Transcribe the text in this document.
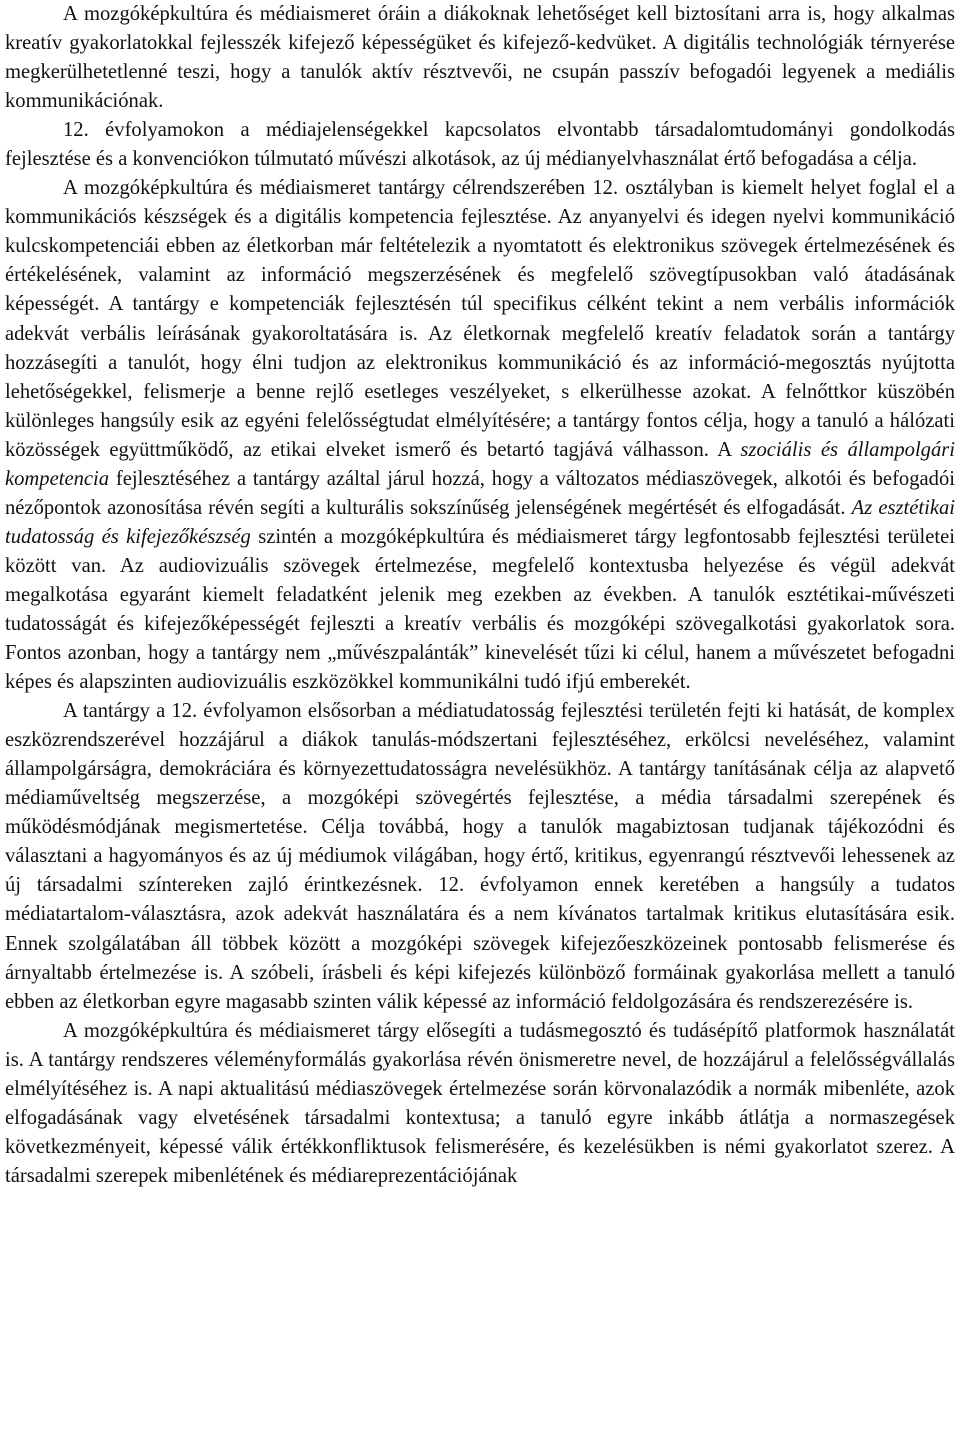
A mozgóképkultúra és médiaismeret óráin a diákoknak lehetőséget kell biztosítani arra is, hogy alkalmas kreatív gyakorlatokkal fejlesszék kifejező képességüket és kifejező-kedvüket. A digitális technológiák térnyerése megkerülhetetlenné teszi, hogy a tanulók aktív résztvevői, ne csupán passzív befogadói legyenek a mediális kommunikációnak.

12. évfolyamokon a médiajelenségekkel kapcsolatos elvontabb társadalomtudományi gondolkodás fejlesztése és a konvenciókon túlmutató művészi alkotások, az új médianyelvhasználat értő befogadása a célja.

A mozgóképkultúra és médiaismeret tantárgy célrendszerében 12. osztályban is kiemelt helyet foglal el a kommunikációs készségek és a digitális kompetencia fejlesztése. Az anyanyelvi és idegen nyelvi kommunikáció kulcskompetenciái ebben az életkorban már feltételezik a nyomtatott és elektronikus szövegek értelmezésének és értékelésének, valamint az információ megszerzésének és megfelelő szövegtípusokban való átadásának képességét. A tantárgy e kompetenciák fejlesztésén túl specifikus célként tekint a nem verbális információk adekvát verbális leírásának gyakoroltatására is. Az életkornak megfelelő kreatív feladatok során a tantárgy hozzásegíti a tanulót, hogy élni tudjon az elektronikus kommunikáció és az információ-megosztás nyújtotta lehetőségekkel, felismerje a benne rejlő esetleges veszélyeket, s elkerülhesse azokat. A felnőttkor küszöbén különleges hangsúly esik az egyéni felelősségtudat elmélyítésére; a tantárgy fontos célja, hogy a tanuló a hálózati közösségek együttműködő, az etikai elveket ismerő és betartó tagjává válhasson. A szociális és állampolgári kompetencia fejlesztéséhez a tantárgy azáltal járul hozzá, hogy a változatos médiaszövegek, alkotói és befogadói nézőpontok azonosítása révén segíti a kulturális sokszínűség jelenségének megértését és elfogadását. Az esztétikai tudatosság és kifejezőkészség szintén a mozgóképkultúra és médiaismeret tárgy legfontosabb fejlesztési területei között van. Az audiovizuális szövegek értelmezése, megfelelő kontextusba helyezése és végül adekvát megalkotása egyaránt kiemelt feladatként jelenik meg ezekben az években. A tanulók esztétikai-művészeti tudatosságát és kifejezőképességét fejleszti a kreatív verbális és mozgóképi szövegalkotási gyakorlatok sora. Fontos azonban, hogy a tantárgy nem „művészpalánták” kinevelését tűzi ki célul, hanem a művészetet befogadni képes és alapszinten audiovizuális eszközökkel kommunikálni tudó ifjú emberekét.

A tantárgy a 12. évfolyamon elsősorban a médiatudatosság fejlesztési területén fejti ki hatását, de komplex eszközrendszerével hozzájárul a diákok tanulás-módszertani fejlesztéséhez, erkölcsi neveléséhez, valamint állampolgárságra, demokráciára és környezettudatosságra nevelésükhöz. A tantárgy tanításának célja az alapvető médiaműveltség megszerzése, a mozgóképi szövegértés fejlesztése, a média társadalmi szerepének és működésmódjának megismertetése. Célja továbbá, hogy a tanulók magabiztosan tudjanak tájékozódni és választani a hagyományos és az új médiumok világában, hogy értő, kritikus, egyenrangú résztvevői lehessenek az új társadalmi színtereken zajló érintkezésnek. 12. évfolyamon ennek keretében a hangsúly a tudatos médiatartalom-választásra, azok adekvát használatára és a nem kívánatos tartalmak kritikus elutasítására esik. Ennek szolgálatában áll többek között a mozgóképi szövegek kifejezőeszközeinek pontosabb felismerése és árnyaltabb értelmezése is. A szóbeli, írásbeli és képi kifejezés különböző formáinak gyakorlása mellett a tanuló ebben az életkorban egyre magasabb szinten válik képessé az információ feldolgozására és rendszerezésére is.

A mozgóképkultúra és médiaismeret tárgy elősegíti a tudásmegosztó és tudásépítő platformok használatát is. A tantárgy rendszeres véleményformálás gyakorlása révén önismeretre nevel, de hozzájárul a felelősségvállalás elmélyítéséhez is. A napi aktualitású médiaszövegek értelmezése során körvonalazódik a normák mibenléte, azok elfogadásának vagy elvetésének társadalmi kontextusa; a tanuló egyre inkább átlátja a normaszegések következményeit, képessé válik értékkonfliktusok felismerésére, és kezelésükben is némi gyakorlatot szerez. A társadalmi szerepek mibenlétének és médiareprezentációjának
